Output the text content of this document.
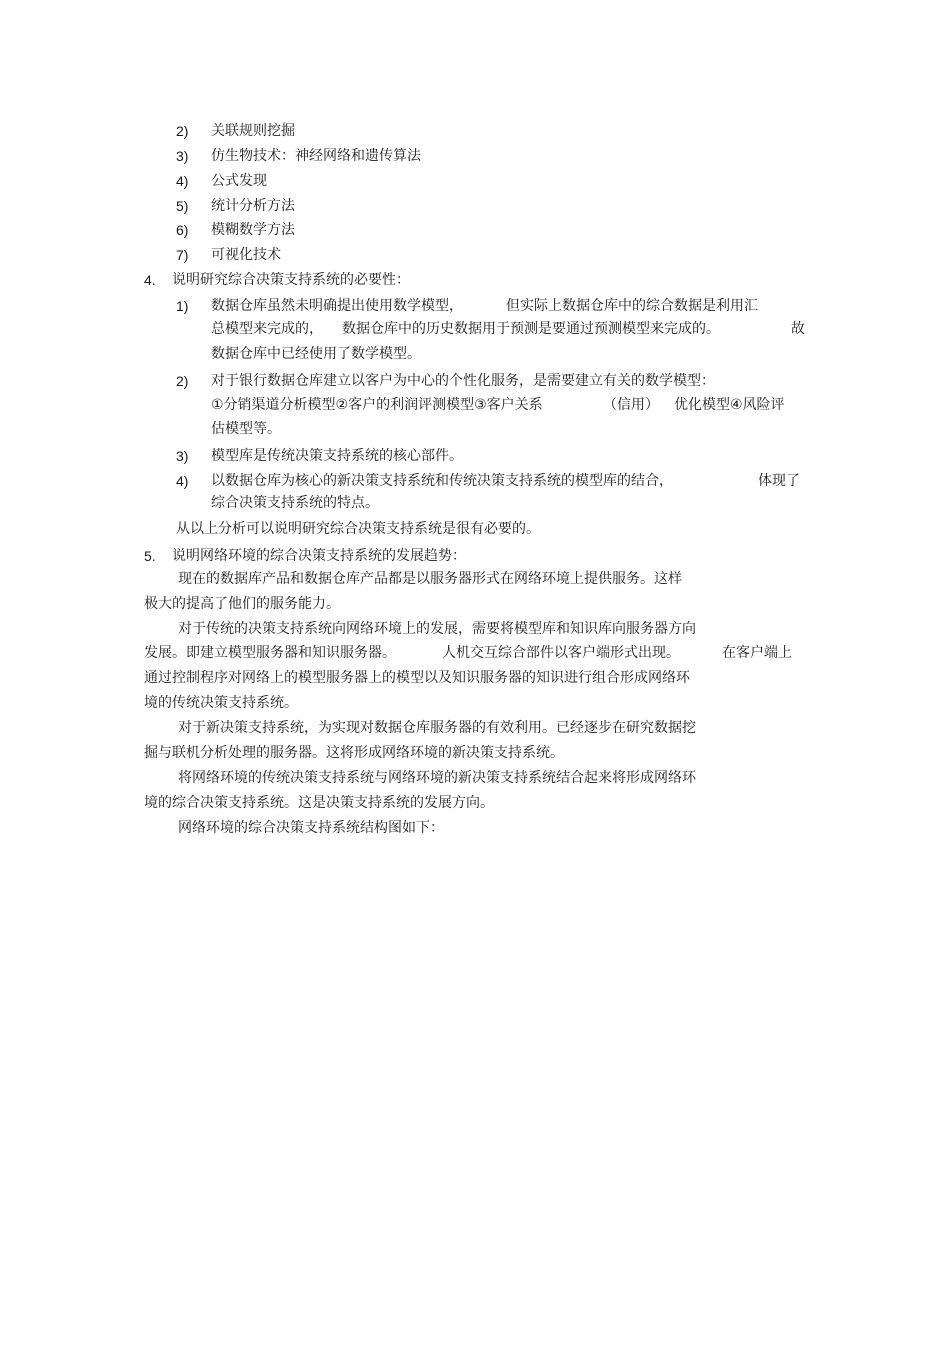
2) 关联规则挖掘
3) 仿生物技术：神经网络和遗传算法
4) 公式发现
5) 统计分析方法
6) 模糊数学方法
7) 可视化技术
4. 说明研究综合决策支持系统的必要性：
1) 数据仓库虽然未明确提出使用数学模型，	但实际上数据仓库中的综合数据是利用汇
总模型来完成的， 数据仓库中的历史数据用于预测是要通过预测模型来完成的。	故
数据仓库中已经使用了数学模型。
2) 对于银行数据仓库建立以客户为中心的个性化服务，是需要建立有关的数学模型：
①分销渠道分析模型②客户的利润评测模型③客户关系	（信用） 优化模型④风险评
估模型等。
3) 模型库是传统决策支持系统的核心部件。
4) 以数据仓库为核心的新决策支持系统和传统决策支持系统的模型库的结合，	体现了
综合决策支持系统的特点。
从以上分析可以说明研究综合决策支持系统是很有必要的。
5. 说明网络环境的综合决策支持系统的发展趋势：
现在的数据库产品和数据仓库产品都是以服务器形式在网络环境上提供服务。这样
极大的提高了他们的服务能力。
对于传统的决策支持系统向网络环境上的发展，需要将模型库和知识库向服务器方向
发展。即建立模型服务器和知识服务器。	人机交互综合部件以客户端形式出现。	在客户端上
通过控制程序对网络上的模型服务器上的模型以及知识服务器的知识进行组合形成网络环
境的传统决策支持系统。
对于新决策支持系统，为实现对数据仓库服务器的有效利用。已经逐步在研究数据挖
掘与联机分析处理的服务器。这将形成网络环境的新决策支持系统。
将网络环境的传统决策支持系统与网络环境的新决策支持系统结合起来将形成网络环
境的综合决策支持系统。这是决策支持系统的发展方向。
网络环境的综合决策支持系统结构图如下：
